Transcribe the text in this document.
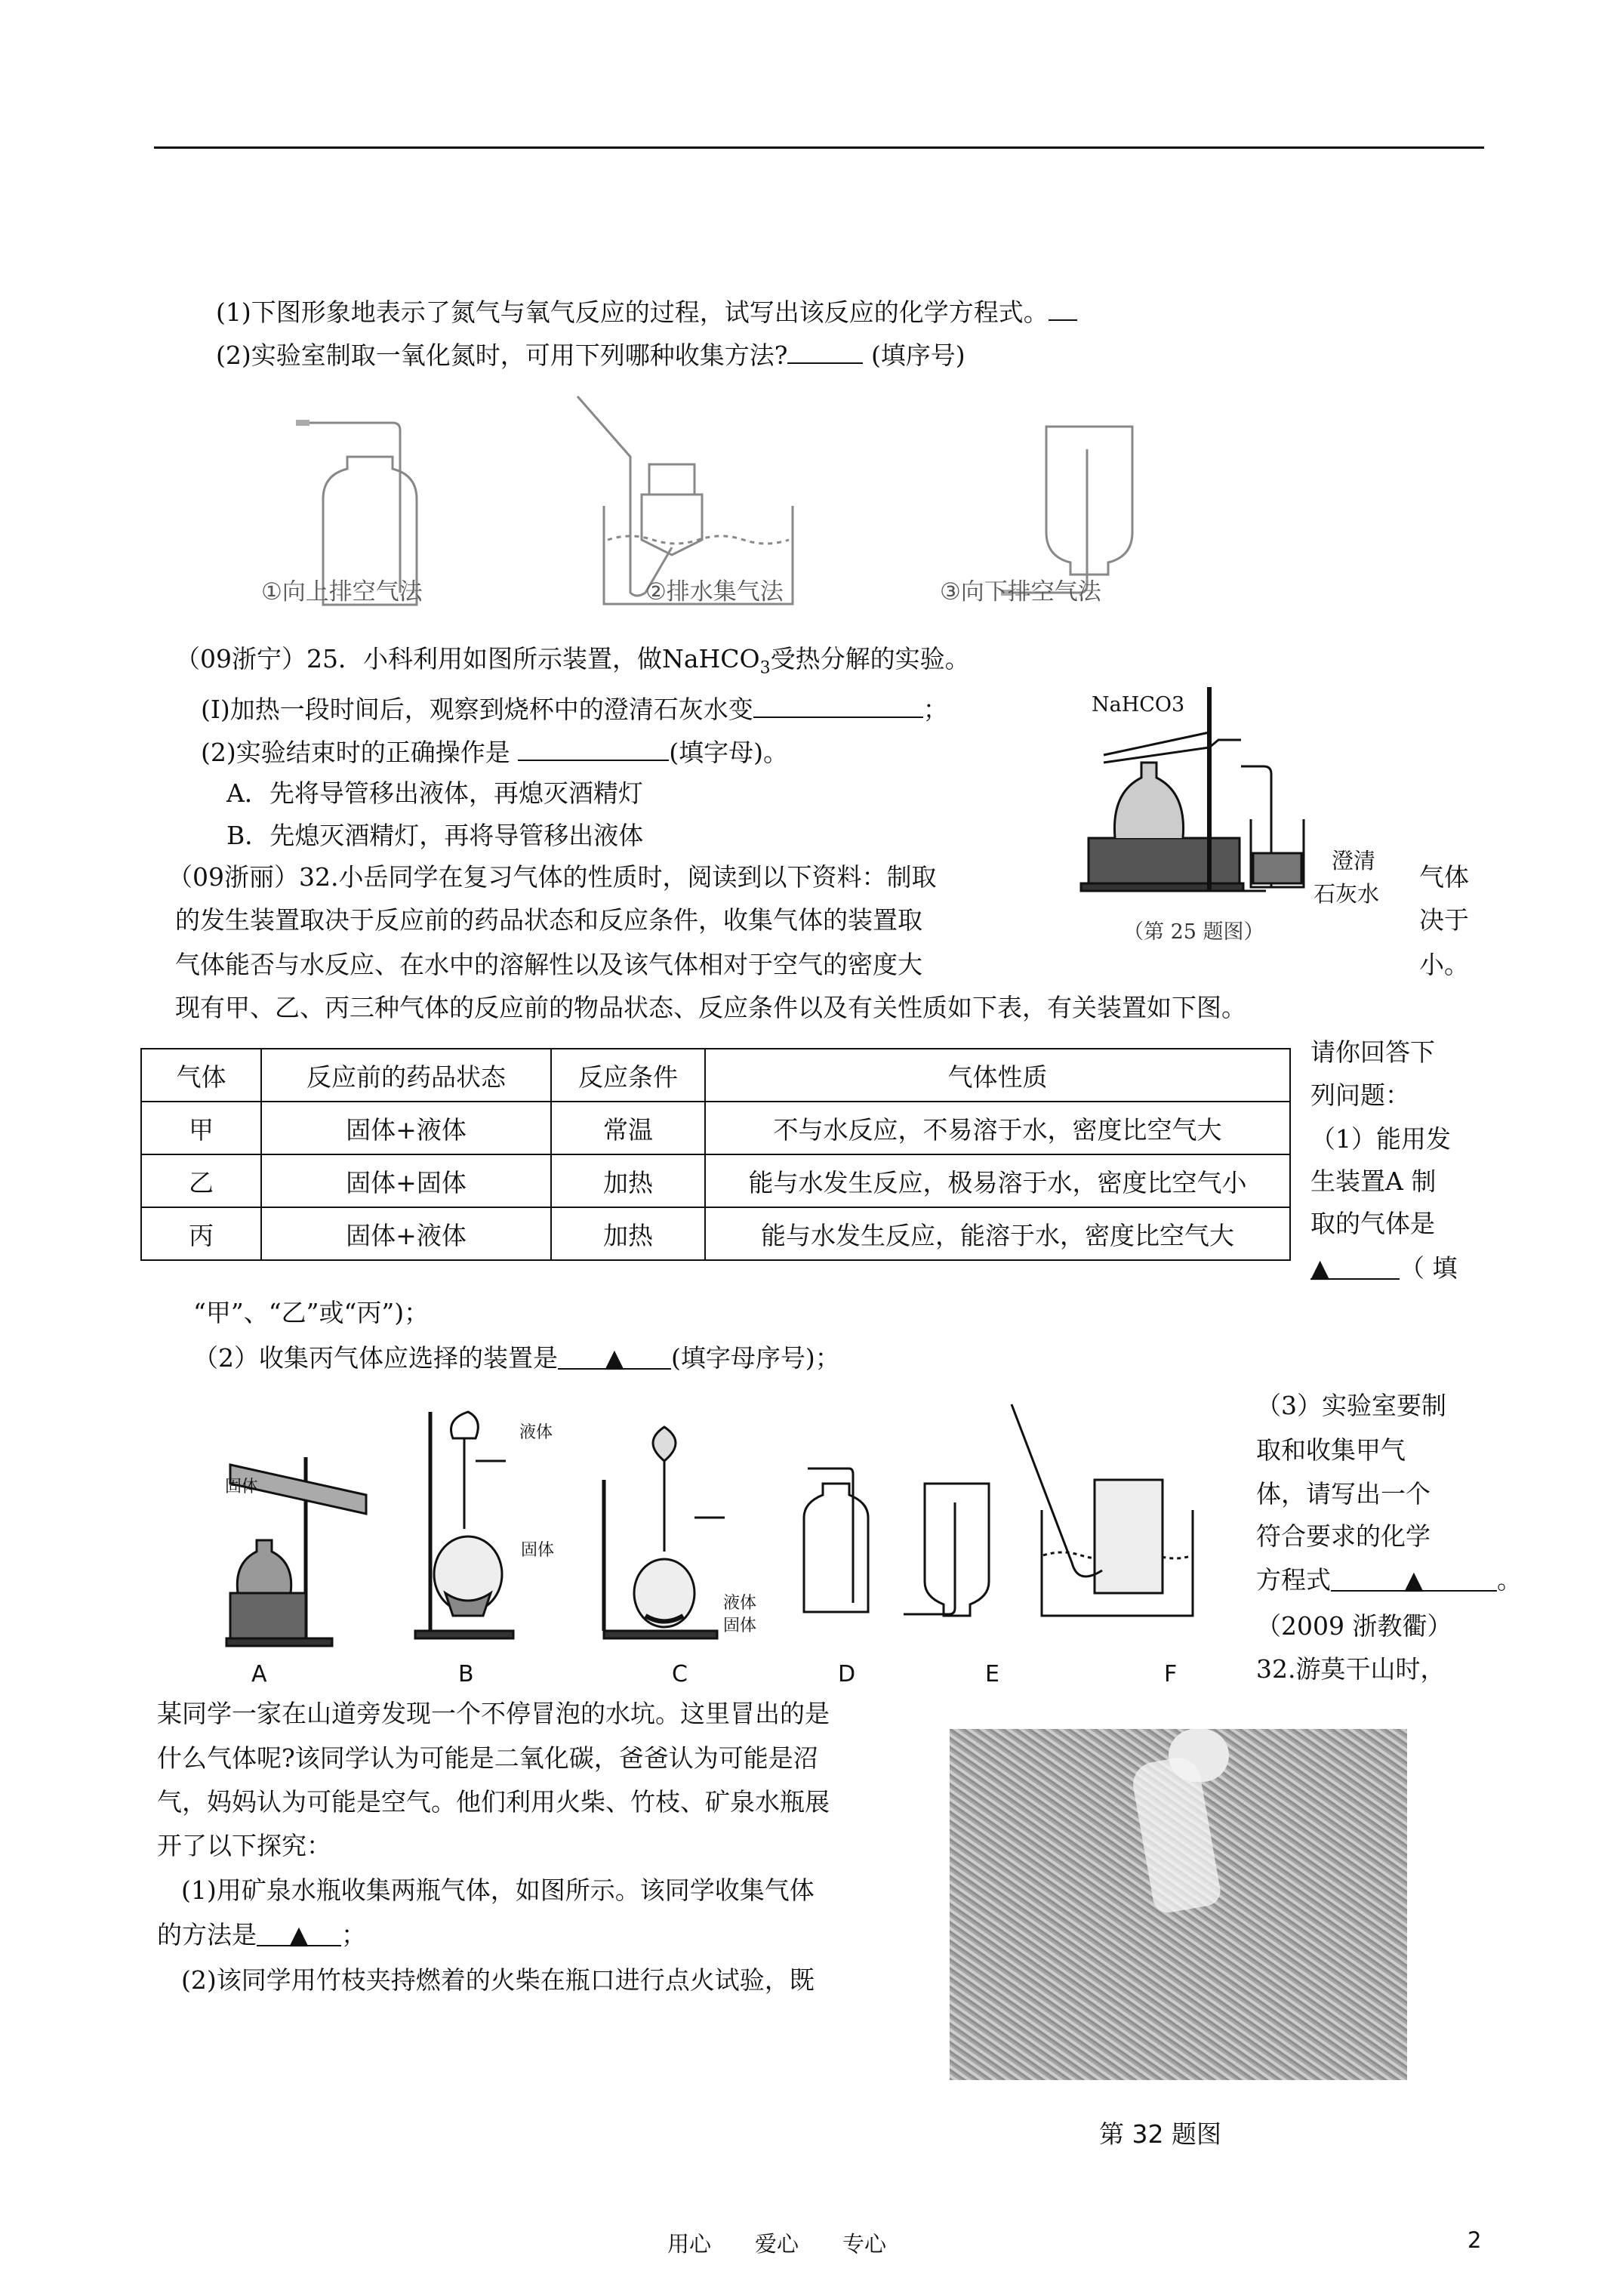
(1)下图形象地表示了氮气与氧气反应的过程，试写出该反应的化学方程式。
(2)实验室制取一氧化氮时，可用下列哪种收集方法?	(填序号)
①向上排空气法	②排水集气法	③向下排空气法
（09浙宁）25．小科利用如图所示装置，做NaHCO$_3$受热分解的实验。
(Ⅰ)加热一段时间后，观察到烧杯中的澄清石灰水变	；
(2)实验结束时的正确操作是	(填字母)。
A．先将导管移出液体，再熄灭酒精灯
B．先熄灭酒精灯，再将导管移出液体
NaHCO3
澄清
石灰水
（第 25 题图）
（09浙丽）32.小岳同学在复习气体的性质时，阅读到以下资料：制取	气体
的发生装置取决于反应前的药品状态和反应条件，收集气体的装置取	决于
气体能否与水反应、在水中的溶解性以及该气体相对于空气的密度大	小。
现有甲、乙、丙三种气体的反应前的物品状态、反应条件以及有关性质如下表，有关装置如下图。
气体	反应前的药品状态	反应条件	气体性质
甲	固体+液体	常温	不与水反应，不易溶于水，密度比空气大
乙	固体+固体	加热	能与水发生反应，极易溶于水，密度比空气小
丙	固体+液体	加热	能与水发生反应，能溶于水，密度比空气大
请你回答下
列问题：
（1）能用发
生装置A 制
取的气体是
▲	（ 填
“甲”、“乙”或“丙”)；
（2）收集丙气体应选择的装置是 ▲ (填字母序号)；
（3）实验室要制
取和收集甲气
体，请写出一个
符合要求的化学
方程式	▲	。
固体
液体
固体
液体
固体
A	B	C	D	E	F
（2009 浙教衢）
32.游莫干山时，
某同学一家在山道旁发现一个不停冒泡的水坑。这里冒出的是
什么气体呢?该同学认为可能是二氧化碳，爸爸认为可能是沼
气，妈妈认为可能是空气。他们利用火柴、竹枝、矿泉水瓶展
开了以下探究：
(1)用矿泉水瓶收集两瓶气体，如图所示。该同学收集气体
的方法是 ▲ ；
(2)该同学用竹枝夹持燃着的火柴在瓶口进行点火试验，既
第 32 题图
用心　　爱心　　专心	2
